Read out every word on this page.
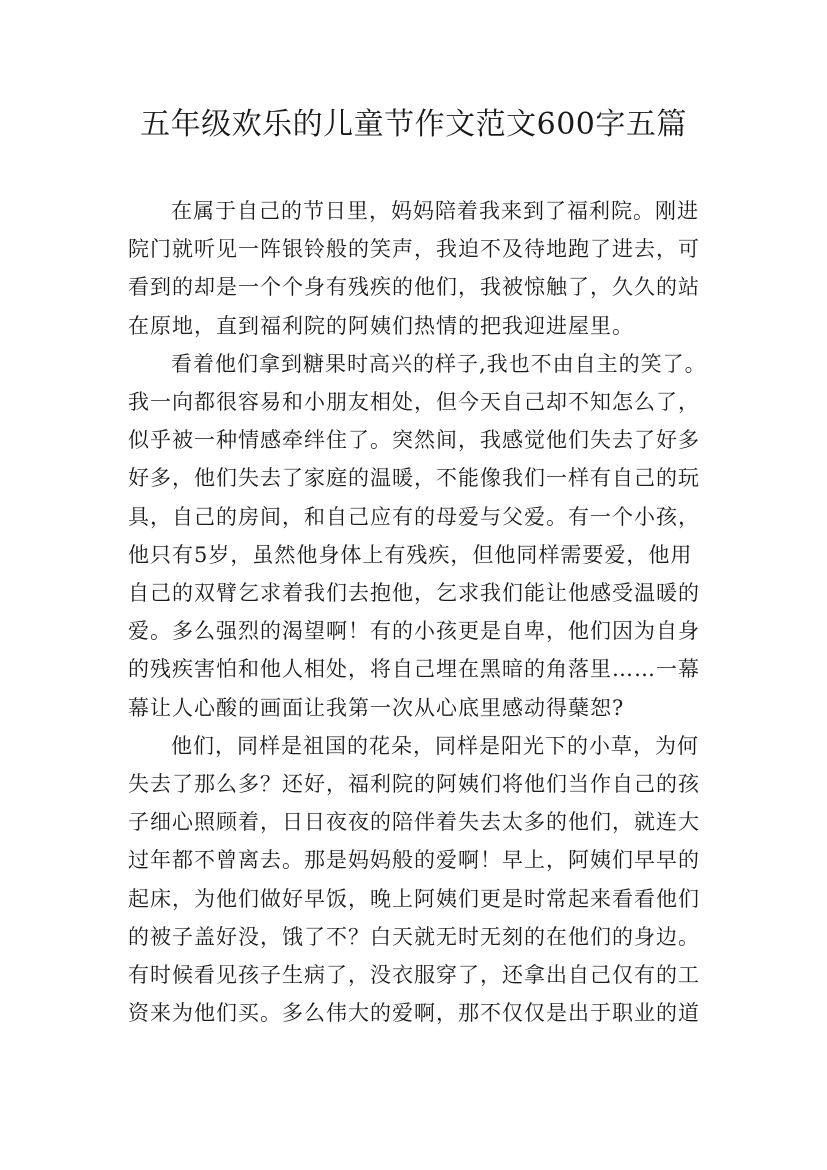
五年级欢乐的儿童节作文范文600字五篇

在属于自己的节日里，妈妈陪着我来到了福利院。刚进
院门就听见一阵银铃般的笑声，我迫不及待地跑了进去，可
看到的却是一个个身有残疾的他们，我被惊触了，久久的站
在原地，直到福利院的阿姨们热情的把我迎进屋里。

看着他们拿到糖果时高兴的样子,我也不由自主的笑了。
我一向都很容易和小朋友相处，但今天自己却不知怎么了，
似乎被一种情感牵绊住了。突然间，我感觉他们失去了好多
好多，他们失去了家庭的温暖，不能像我们一样有自己的玩
具，自己的房间，和自己应有的母爱与父爱。有一个小孩，
他只有5岁，虽然他身体上有残疾，但他同样需要爱，他用
自己的双臂乞求着我们去抱他，乞求我们能让他感受温暖的
爱。多么强烈的渴望啊！有的小孩更是自卑，他们因为自身
的残疾害怕和他人相处，将自己埋在黑暗的角落里……一幕
幕让人心酸的画面让我第一次从心底里感动得蘖恕?

他们，同样是祖国的花朵，同样是阳光下的小草，为何
失去了那么多？还好，福利院的阿姨们将他们当作自己的孩
子细心照顾着，日日夜夜的陪伴着失去太多的他们，就连大
过年都不曾离去。那是妈妈般的爱啊！早上，阿姨们早早的
起床，为他们做好早饭，晚上阿姨们更是时常起来看看他们
的被子盖好没，饿了不？白天就无时无刻的在他们的身边。
有时候看见孩子生病了，没衣服穿了，还拿出自己仅有的工
资来为他们买。多么伟大的爱啊，那不仅仅是出于职业的道
